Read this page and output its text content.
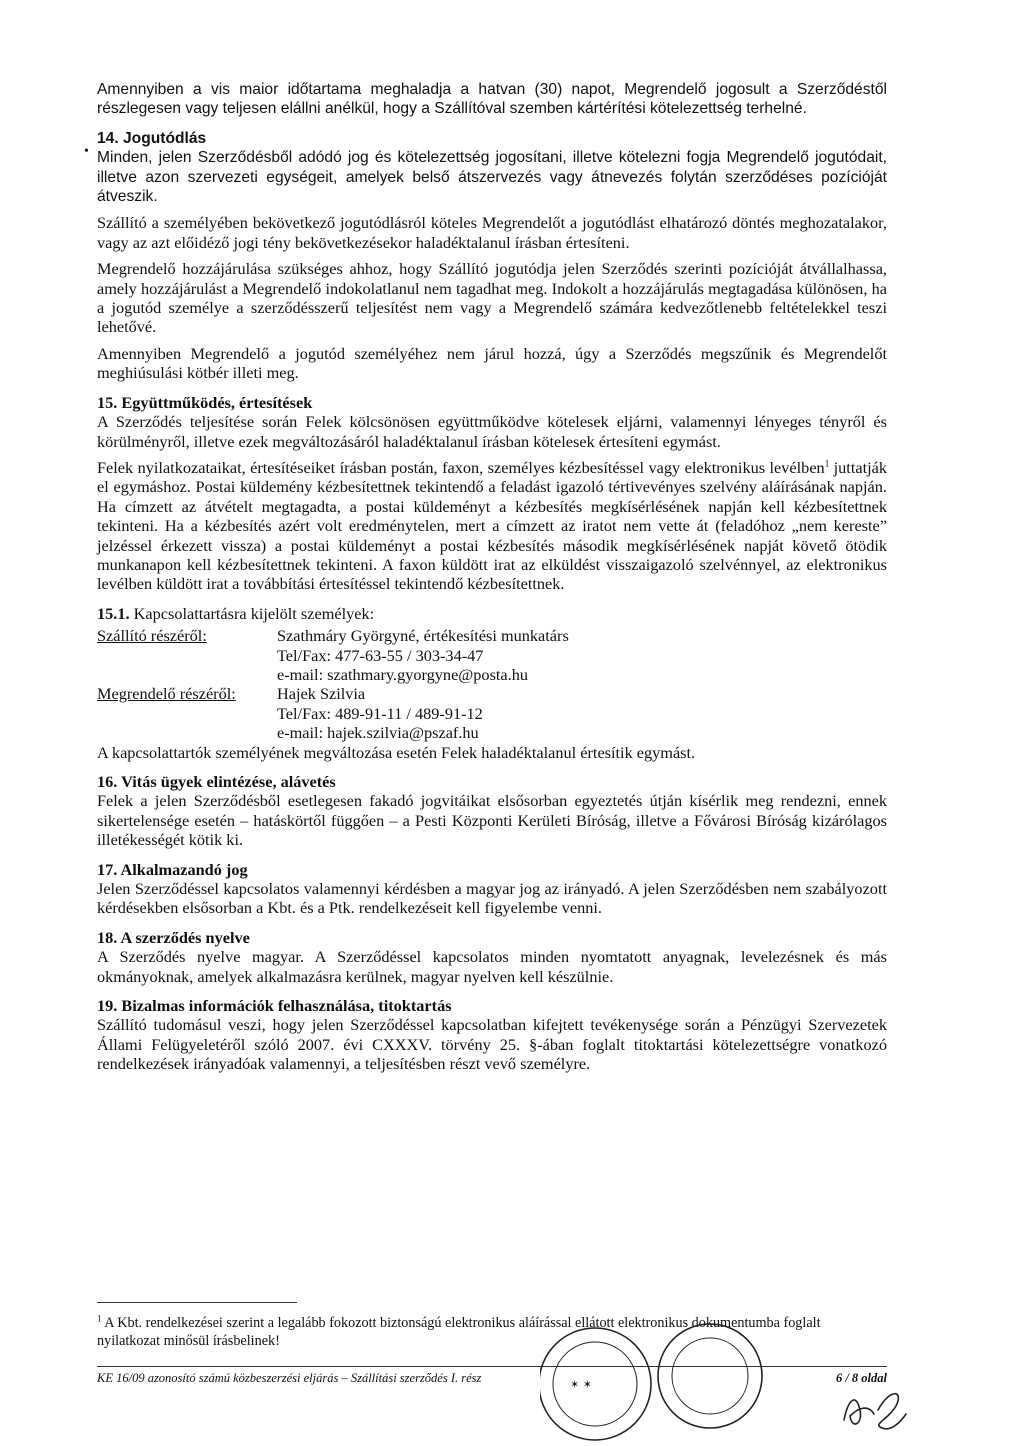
•

Amennyiben a vis maior időtartama meghaladja a hatvan (30) napot, Megrendelő jogosult a Szerződéstől részlegesen vagy teljesen elállni anélkül, hogy a Szállítóval szemben kártérítési kötelezettség terhelné.

14. Jogutódlás

Minden, jelen Szerződésből adódó jog és kötelezettség jogosítani, illetve kötelezni fogja Megrendelő jogutódait, illetve azon szervezeti egységeit, amelyek belső átszervezés vagy átnevezés folytán szerződéses pozícióját átveszik.

Szállító a személyében bekövetkező jogutódlásról köteles Megrendelőt a jogutódlást elhatározó döntés meghozatalakor, vagy az azt előidéző jogi tény bekövetkezésekor haladéktalanul írásban értesíteni.

Megrendelő hozzájárulása szükséges ahhoz, hogy Szállító jogutódja jelen Szerződés szerinti pozícióját átvállalhassa, amely hozzájárulást a Megrendelő indokolatlanul nem tagadhat meg. Indokolt a hozzájárulás megtagadása különösen, ha a jogutód személye a szerződésszerű teljesítést nem vagy a Megrendelő számára kedvezőtlenebb feltételekkel teszi lehetővé.

Amennyiben Megrendelő a jogutód személyéhez nem járul hozzá, úgy a Szerződés megszűnik és Megrendelőt meghiúsulási kötbér illeti meg.

15. Együttműködés, értesítések

A Szerződés teljesítése során Felek kölcsönösen együttműködve kötelesek eljárni, valamennyi lényeges tényről és körülményről, illetve ezek megváltozásáról haladéktalanul írásban kötelesek értesíteni egymást.

Felek nyilatkozataikat, értesítéseiket írásban postán, faxon, személyes kézbesítéssel vagy elektronikus levélben$^1$ juttatják el egymáshoz. Postai küldemény kézbesítettnek tekintendő a feladást igazoló tértivevényes szelvény aláírásának napján. Ha címzett az átvételt megtagadta, a postai küldeményt a kézbesítés megkísérlésének napján kell kézbesítettnek tekinteni. Ha a kézbesítés azért volt eredménytelen, mert a címzett az iratot nem vette át (feladóhoz „nem kereste” jelzéssel érkezett vissza) a postai küldeményt a postai kézbesítés második megkísérlésének napját követő ötödik munkanapon kell kézbesítettnek tekinteni. A faxon küldött irat az elküldést visszaigazoló szelvénnyel, az elektronikus levélben küldött irat a továbbítási értesítéssel tekintendő kézbesítettnek.

15.1. Kapcsolattartásra kijelölt személyek:
Szállító részéről:	Szathmáry Györgyné, értékesítési munkatárs
Tel/Fax: 477-63-55 / 303-34-47
e-mail: szathmary.gyorgyne@posta.hu
Megrendelő részéről:	Hajek Szilvia
Tel/Fax: 489-91-11 / 489-91-12
e-mail: hajek.szilvia@pszaf.hu

A kapcsolattartók személyének megváltozása esetén Felek haladéktalanul értesítik egymást.

16. Vitás ügyek elintézése, alávetés

Felek a jelen Szerződésből esetlegesen fakadó jogvitáikat elsősorban egyeztetés útján kísérlik meg rendezni, ennek sikertelensége esetén – hatáskörtől függően – a Pesti Központi Kerületi Bíróság, illetve a Fővárosi Bíróság kizárólagos illetékességét kötik ki.

17. Alkalmazandó jog

Jelen Szerződéssel kapcsolatos valamennyi kérdésben a magyar jog az irányadó. A jelen Szerződésben nem szabályozott kérdésekben elsősorban a Kbt. és a Ptk. rendelkezéseit kell figyelembe venni.

18. A szerződés nyelve

A Szerződés nyelve magyar. A Szerződéssel kapcsolatos minden nyomtatott anyagnak, levelezésnek és más okmányoknak, amelyek alkalmazásra kerülnek, magyar nyelven kell készülnie.

19. Bizalmas információk felhasználása, titoktartás

Szállító tudomásul veszi, hogy jelen Szerződéssel kapcsolatban kifejtett tevékenysége során a Pénzügyi Szervezetek Állami Felügyeletéről szóló 2007. évi CXXXV. törvény 25. §-ában foglalt titoktartási kötelezettségre vonatkozó rendelkezések irányadóak valamennyi, a teljesítésben részt vevő személyre.

$^1$ A Kbt. rendelkezései szerint a legalább fokozott biztonságú elektronikus aláírással ellátott elektronikus dokumentumba foglalt nyilatkozat minősül írásbelinek!
KE 16/09 azonosító számú közbeszerzési eljárás – Szállítási szerződés I. rész	6 / 8 oldal
✶ ✶
